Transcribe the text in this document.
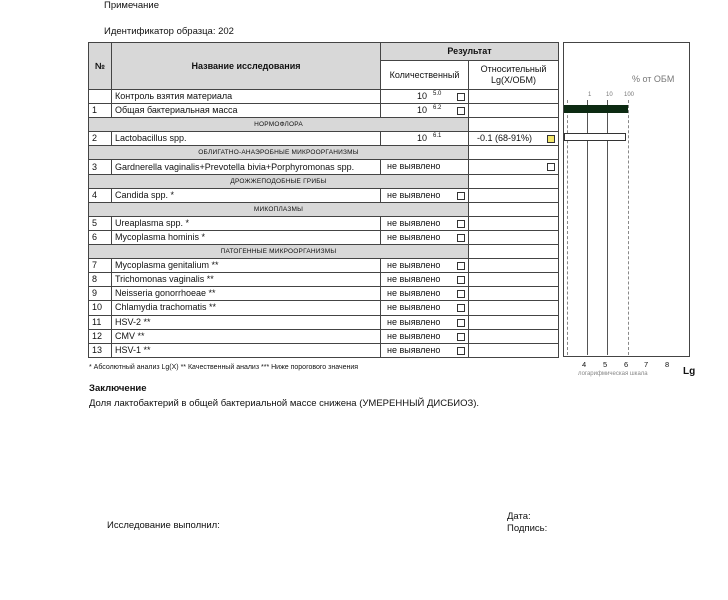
Примечание
Идентификатор образца: 202
№	Название исследования	Результат	
		Количественный	Относительный Lg(X/ОБМ)
	Контроль взятия материала	10 5.0	

1	Общая бактериальная масса	10 6.2	

НОРМОФЛОРА			
2	Lactobacillus spp.	10 6.1	-0.1 (68-91%)

ОБЛИГАТНО-АНАЭРОБНЫЕ МИКРООРГАНИЗМЫ			
3	Gardnerella vaginalis+Prevotella bivia+Porphyromonas spp.	не выявлено	

ДРОЖЖЕПОДОБНЫЕ ГРИБЫ			
4	Candida spp. *	не выявлено	

МИКОПЛАЗМЫ			
5	Ureaplasma spp. *	не выявлено	

6	Mycoplasma hominis *	не выявлено	

ПАТОГЕННЫЕ МИКРООРГАНИЗМЫ			
7	Mycoplasma genitalium **	не выявлено	

8	Trichomonas vaginalis **	не выявлено	

9	Neisseria gonorrhoeae **	не выявлено	

10	Chlamydia trachomatis **	не выявлено	

11	HSV-2 **	не выявлено	

12	CMV **	не выявлено	

13	HSV-1 **	не выявлено	

% от ОБМ
1 10 100
4 5 6 7 8
логарифмическая шкала	Lg
* Абсолютный анализ Lg(X) ** Качественный анализ *** Ниже порогового значения
Заключение
Доля лактобактерий в общей бактериальной массе снижена (УМЕРЕННЫЙ ДИСБИОЗ).
Исследование выполнил:
Дата:
Подпись:
